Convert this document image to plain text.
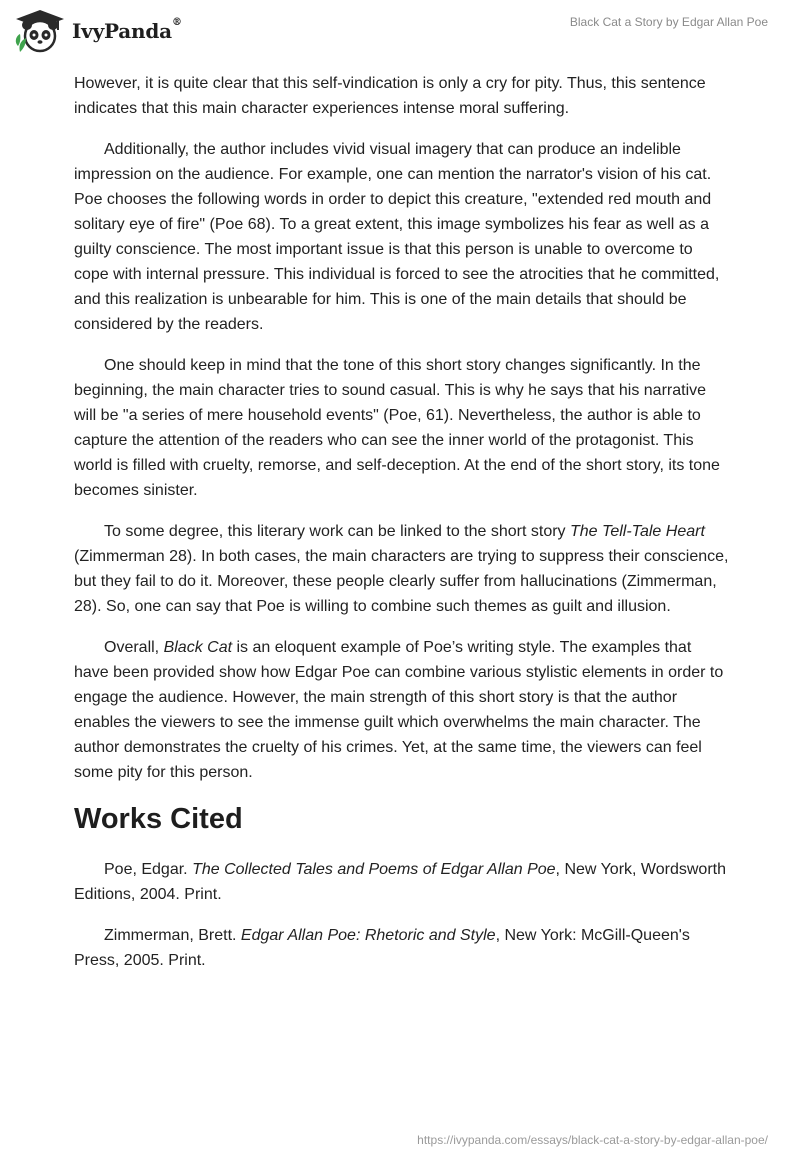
IvyPanda®	Black Cat a Story by Edgar Allan Poe

However, it is quite clear that this self-vindication is only a cry for pity. Thus, this sentence indicates that this main character experiences intense moral suffering.

Additionally, the author includes vivid visual imagery that can produce an indelible impression on the audience. For example, one can mention the narrator's vision of his cat. Poe chooses the following words in order to depict this creature, "extended red mouth and solitary eye of fire" (Poe 68). To a great extent, this image symbolizes his fear as well as a guilty conscience. The most important issue is that this person is unable to overcome to cope with internal pressure. This individual is forced to see the atrocities that he committed, and this realization is unbearable for him. This is one of the main details that should be considered by the readers.

One should keep in mind that the tone of this short story changes significantly. In the beginning, the main character tries to sound casual. This is why he says that his narrative will be "a series of mere household events" (Poe, 61). Nevertheless, the author is able to capture the attention of the readers who can see the inner world of the protagonist. This world is filled with cruelty, remorse, and self-deception. At the end of the short story, its tone becomes sinister.

To some degree, this literary work can be linked to the short story The Tell-Tale Heart (Zimmerman 28). In both cases, the main characters are trying to suppress their conscience, but they fail to do it. Moreover, these people clearly suffer from hallucinations (Zimmerman, 28). So, one can say that Poe is willing to combine such themes as guilt and illusion.

Overall, Black Cat is an eloquent example of Poe’s writing style. The examples that have been provided show how Edgar Poe can combine various stylistic elements in order to engage the audience. However, the main strength of this short story is that the author enables the viewers to see the immense guilt which overwhelms the main character. The author demonstrates the cruelty of his crimes. Yet, at the same time, the viewers can feel some pity for this person.

Works Cited

Poe, Edgar. The Collected Tales and Poems of Edgar Allan Poe, New York, Wordsworth Editions, 2004. Print.

Zimmerman, Brett. Edgar Allan Poe: Rhetoric and Style, New York: McGill-Queen's Press, 2005. Print.

https://ivypanda.com/essays/black-cat-a-story-by-edgar-allan-poe/
